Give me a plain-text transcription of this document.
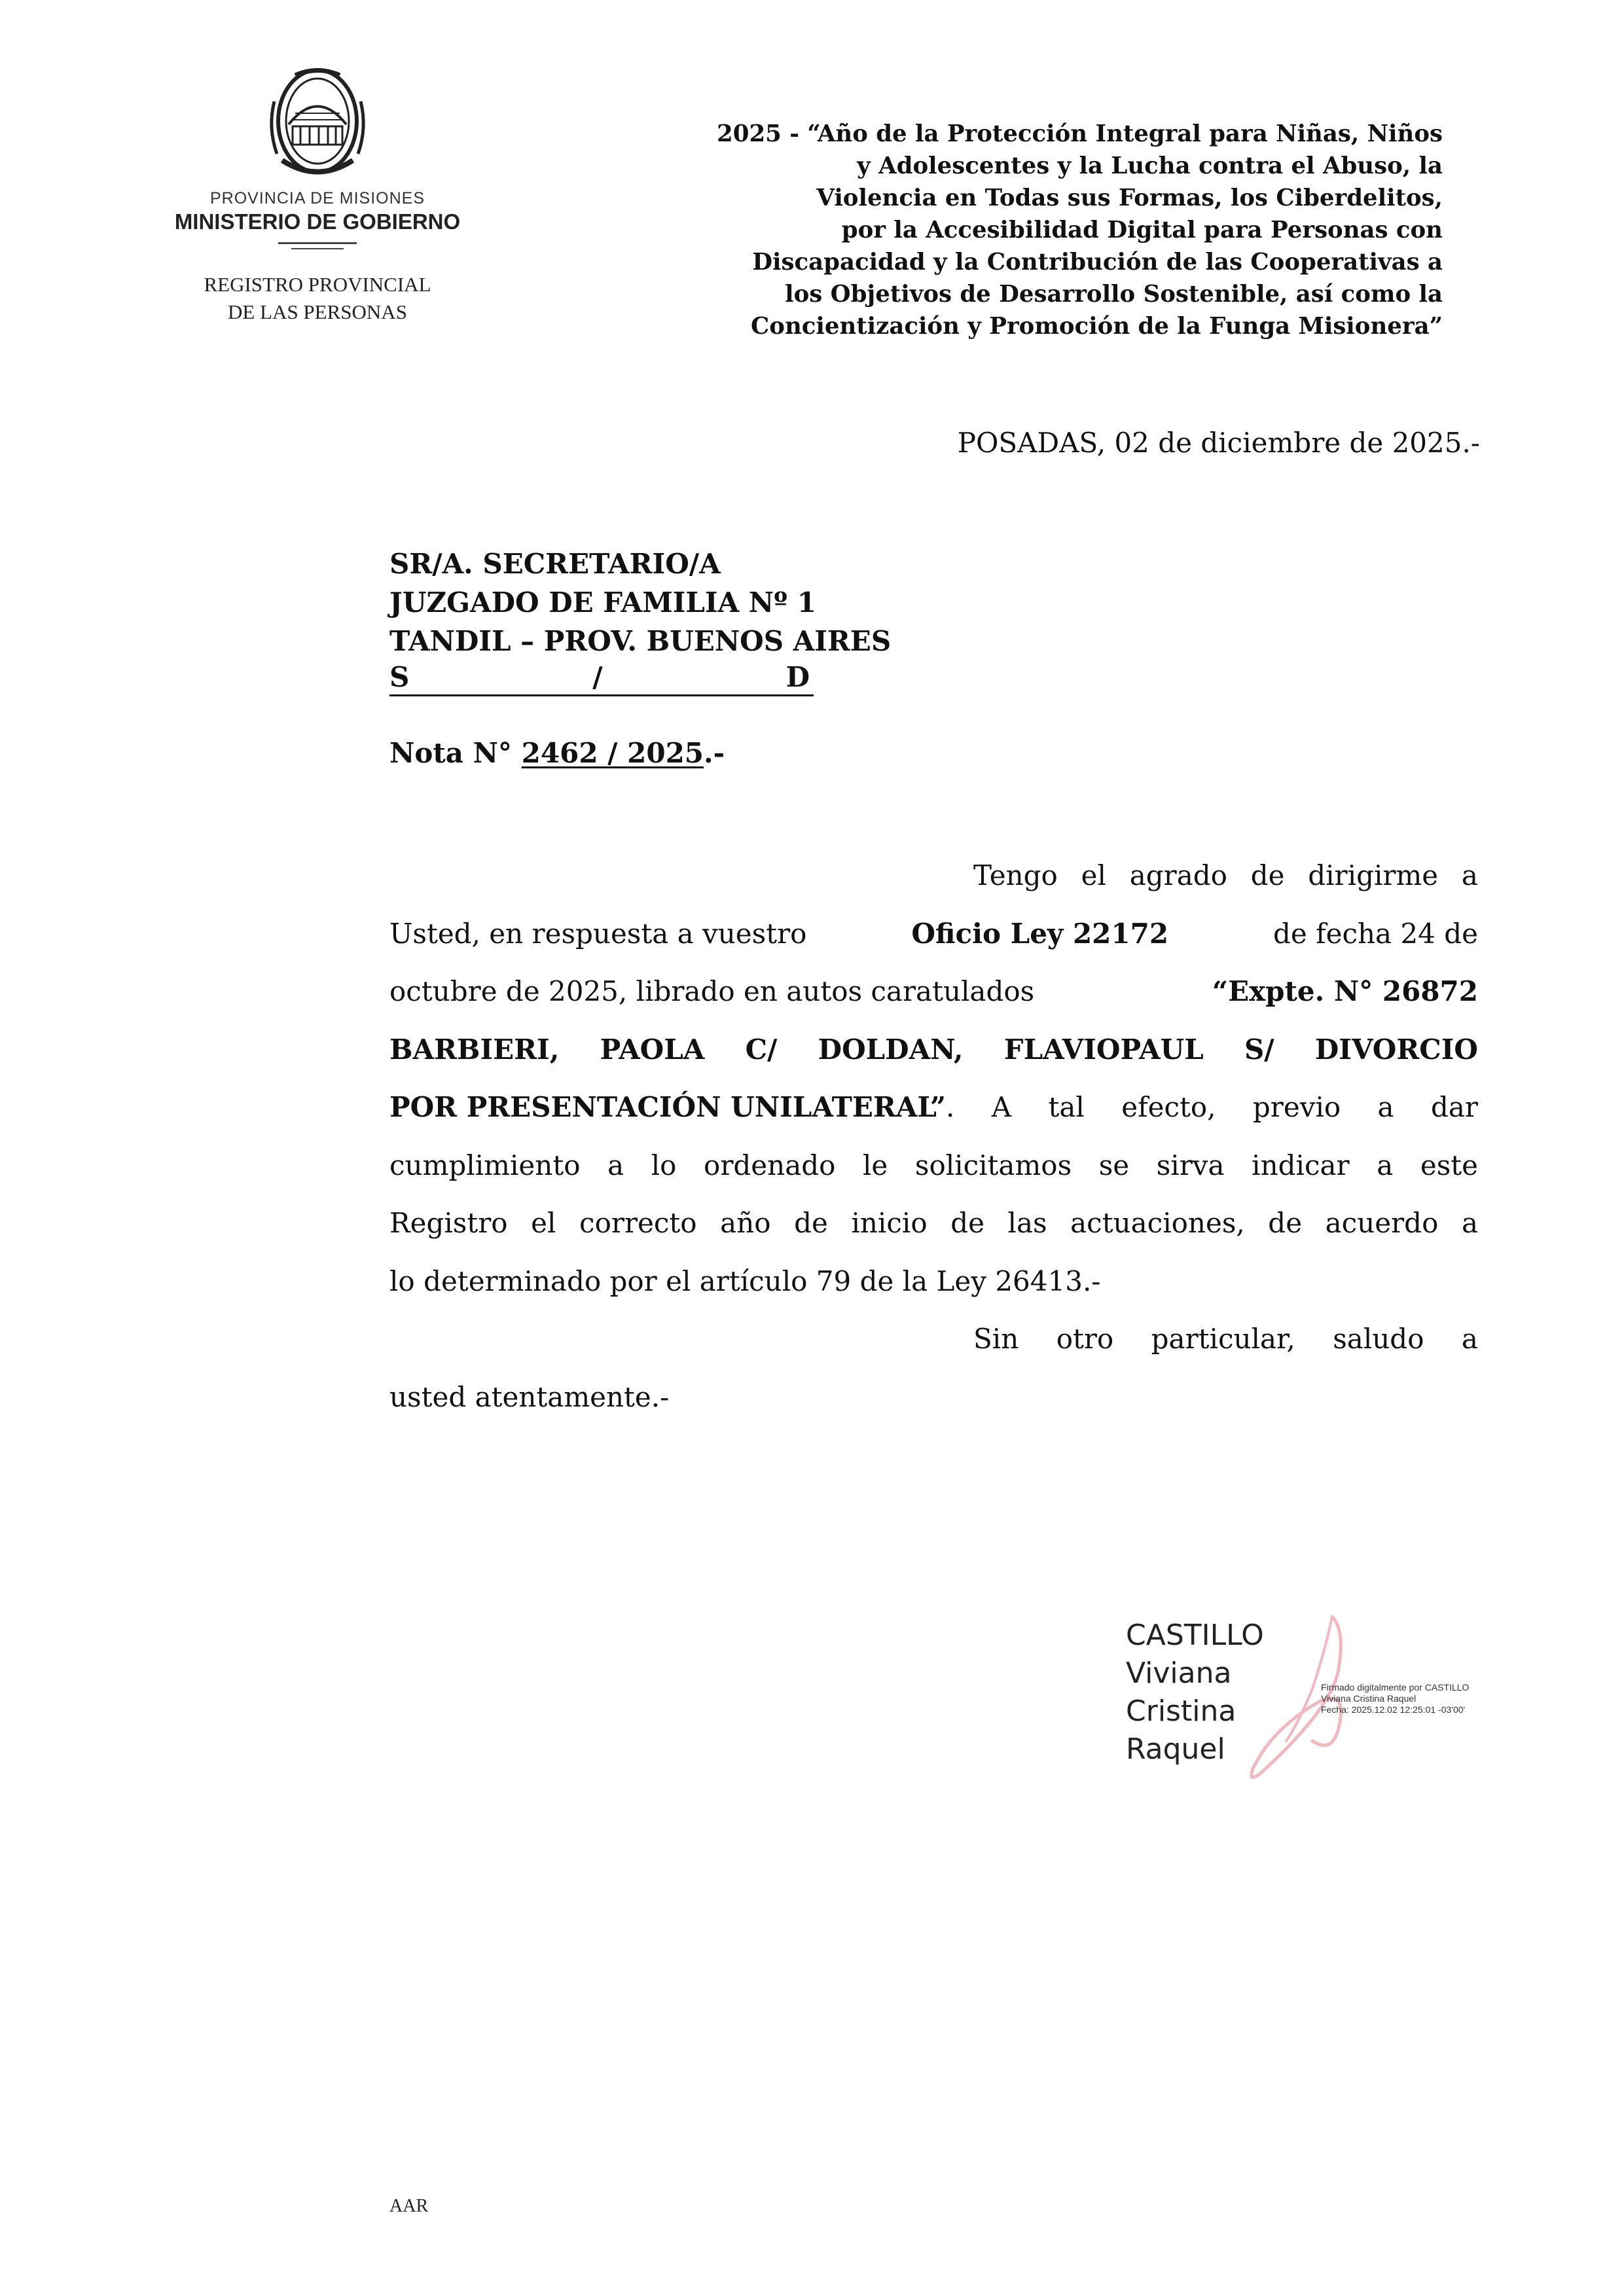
PROVINCIA DE MISIONES
MINISTERIO DE GOBIERNO
REGISTRO PROVINCIAL
DE LAS PERSONAS
2025 - “Año de la Protección Integral para Niñas, Niños
y Adolescentes y la Lucha contra el Abuso, la
Violencia en Todas sus Formas, los Ciberdelitos,
por la Accesibilidad Digital para Personas con
Discapacidad y la Contribución de las Cooperativas a
los Objetivos de Desarrollo Sostenible, así como la
Concientización y Promoción de la Funga Misionera”
POSADAS, 02 de diciembre de 2025.-
SR/A. SECRETARIO/A
JUZGADO DE FAMILIA Nº 1
TANDIL – PROV. BUENOS AIRES
S	/	D
Nota N° 2462 / 2025.-
Tengo el agrado de dirigirme a
Usted, en respuesta a vuestro	Oficio Ley 22172	de fecha 24 de
octubre de 2025, librado en autos caratulados	“Expte. N° 26872
BARBIERI, PAOLA C/ DOLDAN, FLAVIOPAUL S/ DIVORCIO
POR PRESENTACIÓN UNILATERAL” . A tal efecto, previo a dar
cumplimiento a lo ordenado le solicitamos se sirva indicar a este
Registro el correcto año de inicio de las actuaciones, de acuerdo a
lo determinado por el artículo 79 de la Ley 26413.-
Sin otro particular, saludo a
usted atentamente.-
CASTILLO
Viviana
Cristina
Raquel
Firmado digitalmente por CASTILLO
Viviana Cristina Raquel
Fecha: 2025.12.02 12:25:01 -03'00'
AAR
